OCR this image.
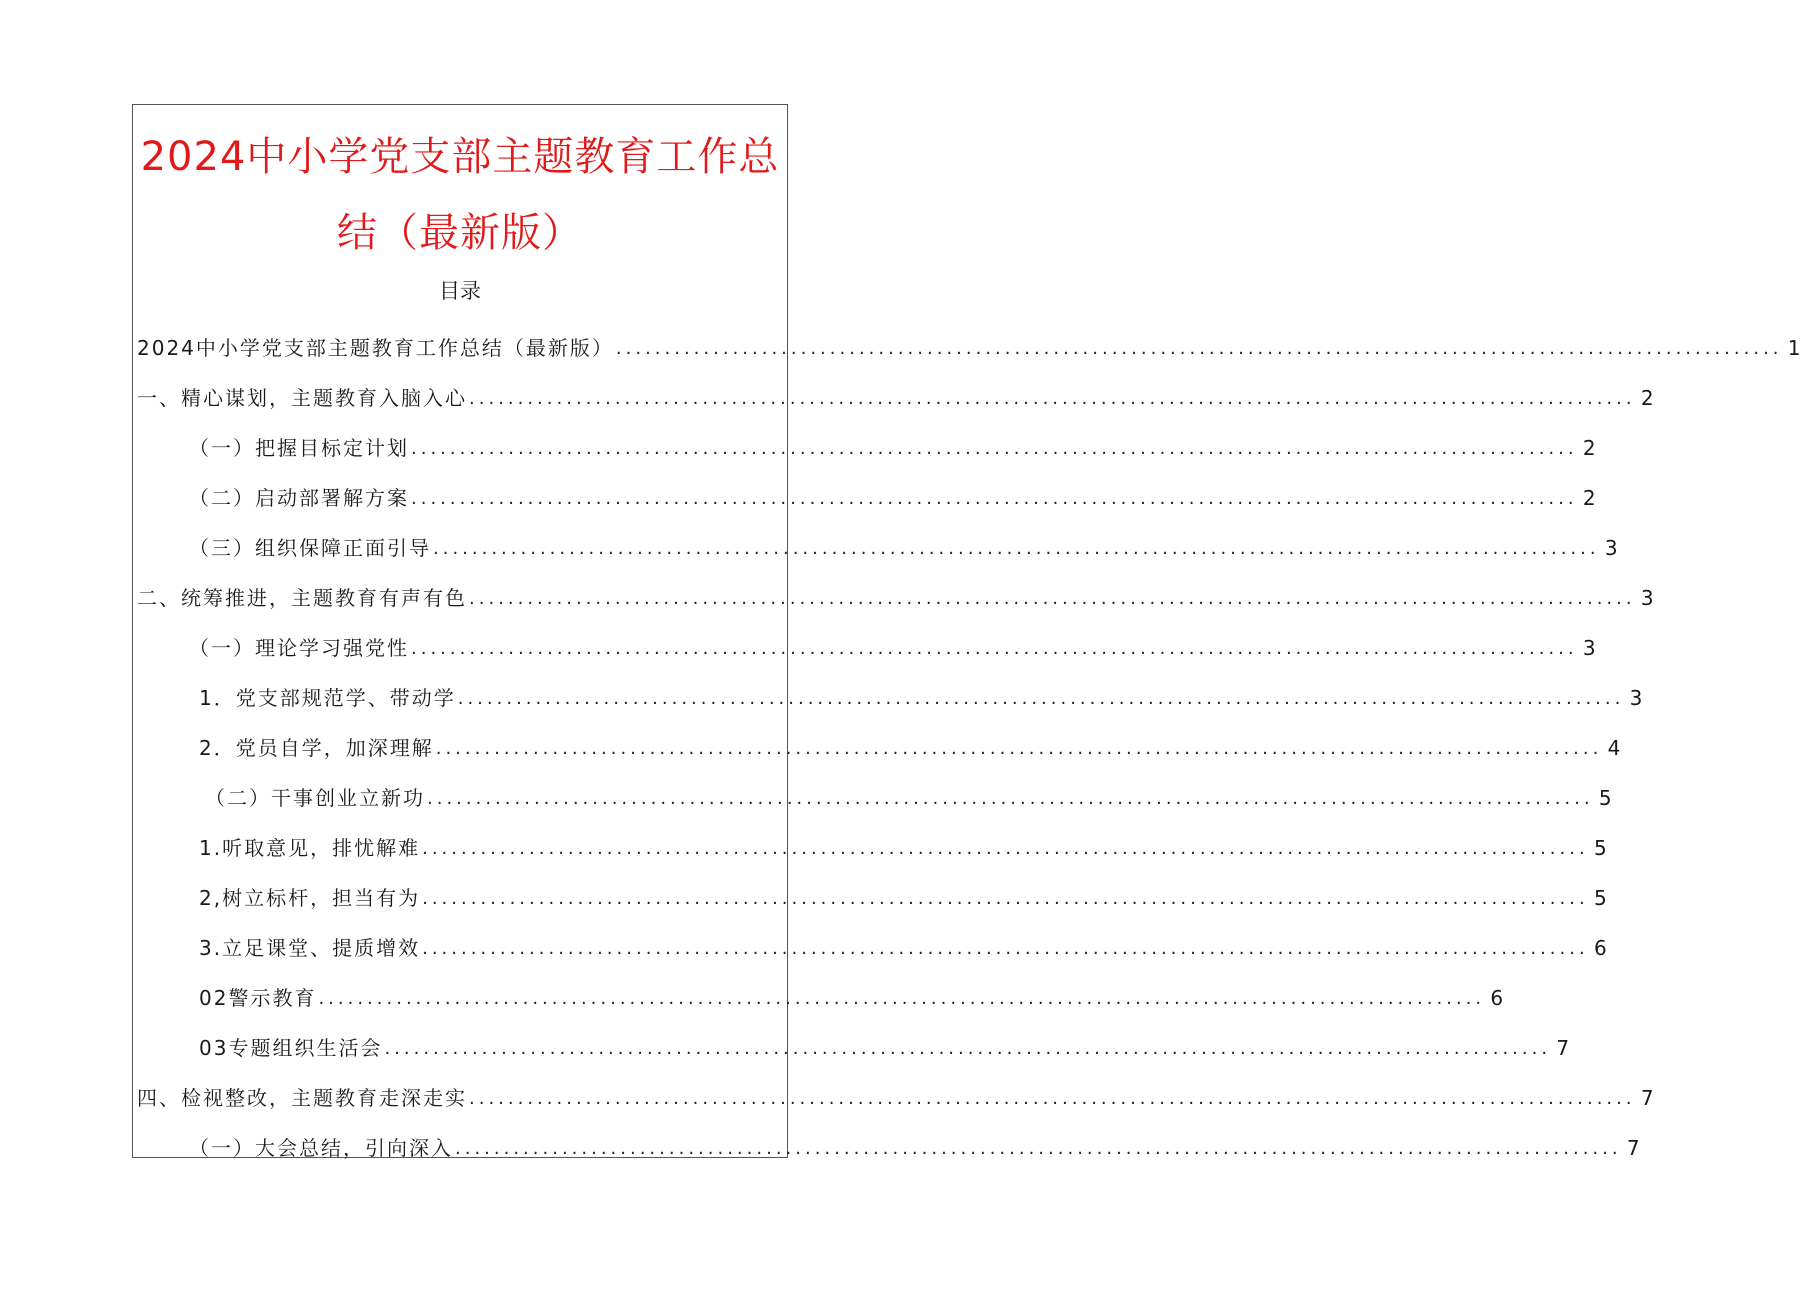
2024中小学党支部主题教育工作总
结（最新版）
目录
2024中小学党支部主题教育工作总结（最新版） ........................................................................................................................ 1
一、精心谋划，主题教育入脑入心 ........................................................................................................................ 2
（一）把握目标定计划 ........................................................................................................................ 2
（二）启动部署解方案 ........................................................................................................................ 2
（三）组织保障正面引导 ........................................................................................................................ 3
二、统筹推进，主题教育有声有色 ........................................................................................................................ 3
（一）理论学习强党性 ........................................................................................................................ 3
1．党支部规范学、带动学 ........................................................................................................................ 3
2．党员自学，加深理解 ........................................................................................................................ 4
（二）干事创业立新功 ........................................................................................................................ 5
1.听取意见，排忧解难 ........................................................................................................................ 5
2,树立标杆，担当有为 ........................................................................................................................ 5
3.立足课堂、提质增效 ........................................................................................................................ 6
02警示教育 ........................................................................................................................ 6
03专题组织生活会 ........................................................................................................................ 7
四、检视整改，主题教育走深走实 ........................................................................................................................ 7
（一）大会总结，引向深入 ........................................................................................................................ 7
